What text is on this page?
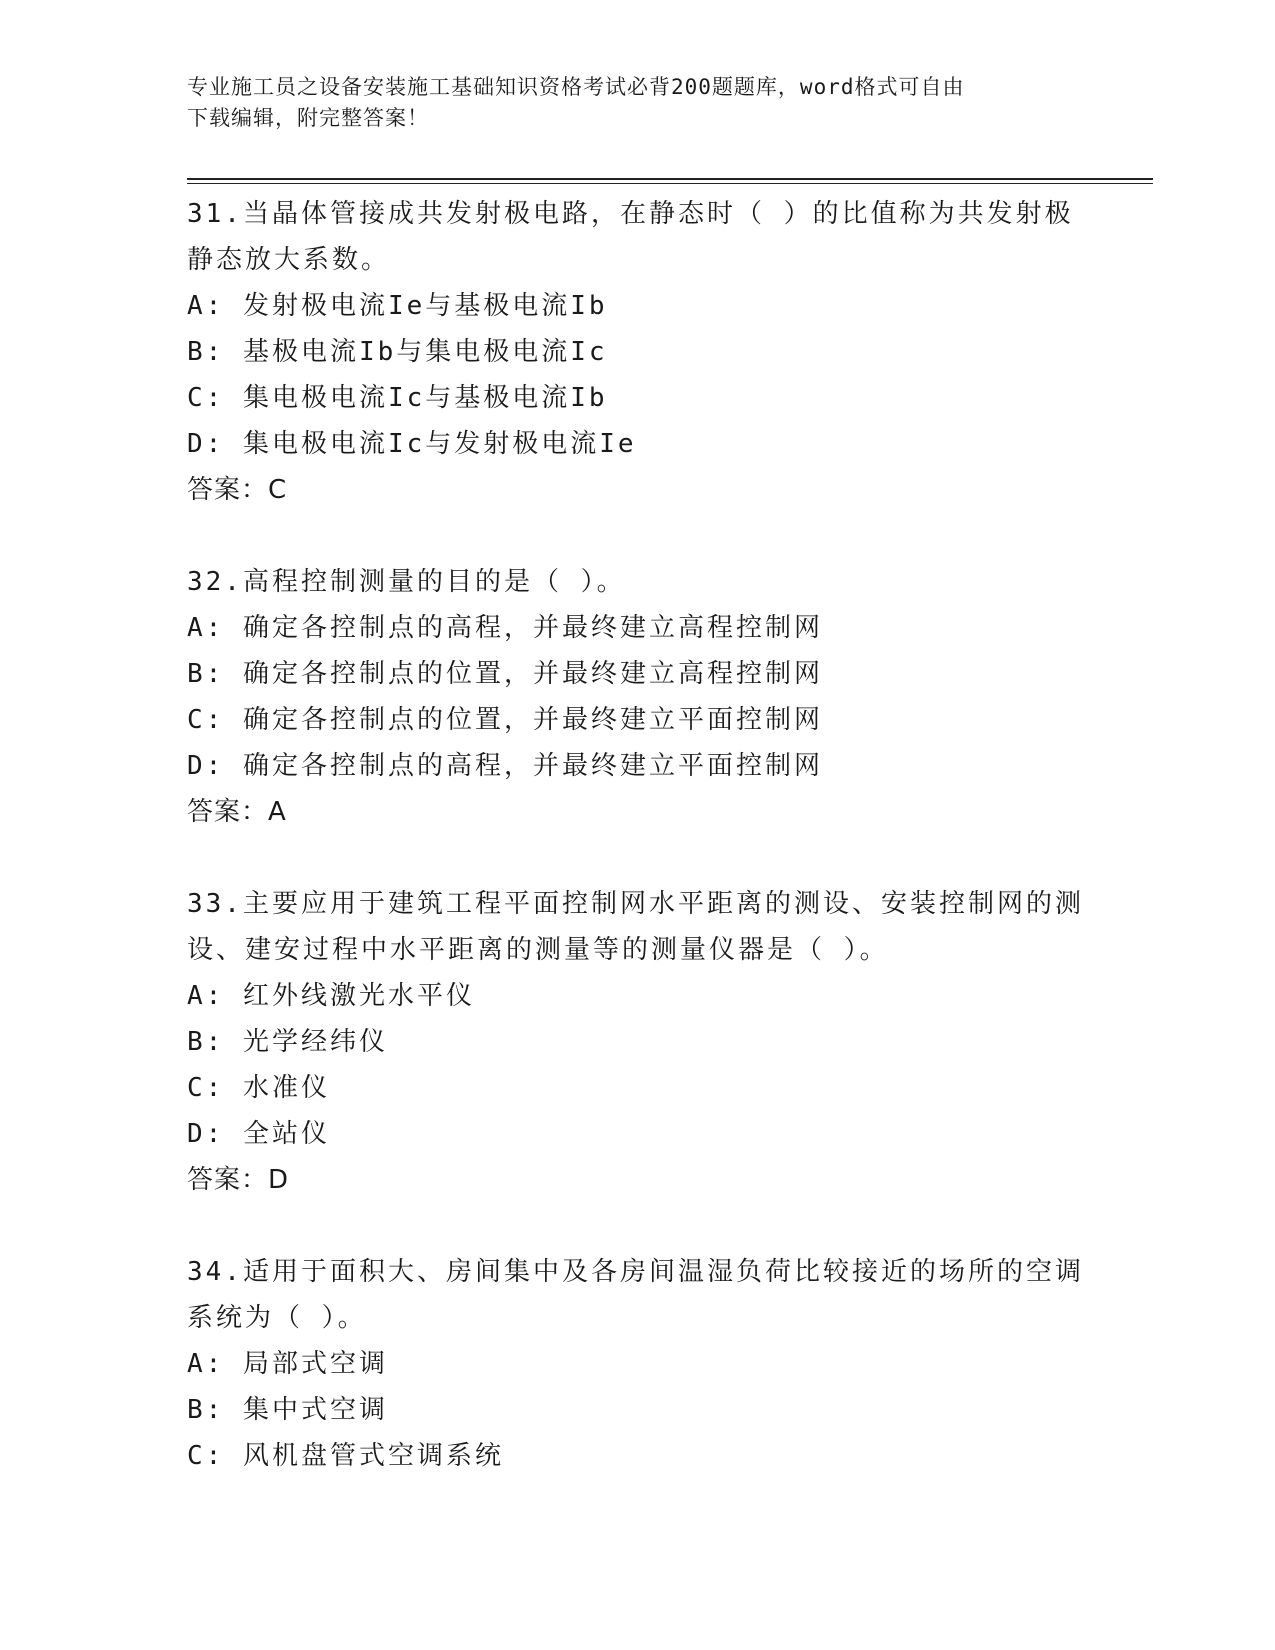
专业施工员之设备安装施工基础知识资格考试必背200题题库，word格式可自由
下载编辑，附完整答案！
31.当晶体管接成共发射极电路，在静态时（ ）的比值称为共发射极
静态放大系数。
A: 发射极电流Ie与基极电流Ib
B: 基极电流Ib与集电极电流Ic
C: 集电极电流Ic与基极电流Ib
D: 集电极电流Ic与发射极电流Ie
答案：C
32.高程控制测量的目的是（ ）。
A: 确定各控制点的高程，并最终建立高程控制网
B: 确定各控制点的位置，并最终建立高程控制网
C: 确定各控制点的位置，并最终建立平面控制网
D: 确定各控制点的高程，并最终建立平面控制网
答案：A
33.主要应用于建筑工程平面控制网水平距离的测设、安装控制网的测
设、建安过程中水平距离的测量等的测量仪器是（ ）。
A: 红外线激光水平仪
B: 光学经纬仪
C: 水准仪
D: 全站仪
答案：D
34.适用于面积大、房间集中及各房间温湿负荷比较接近的场所的空调
系统为（ ）。
A: 局部式空调
B: 集中式空调
C: 风机盘管式空调系统
